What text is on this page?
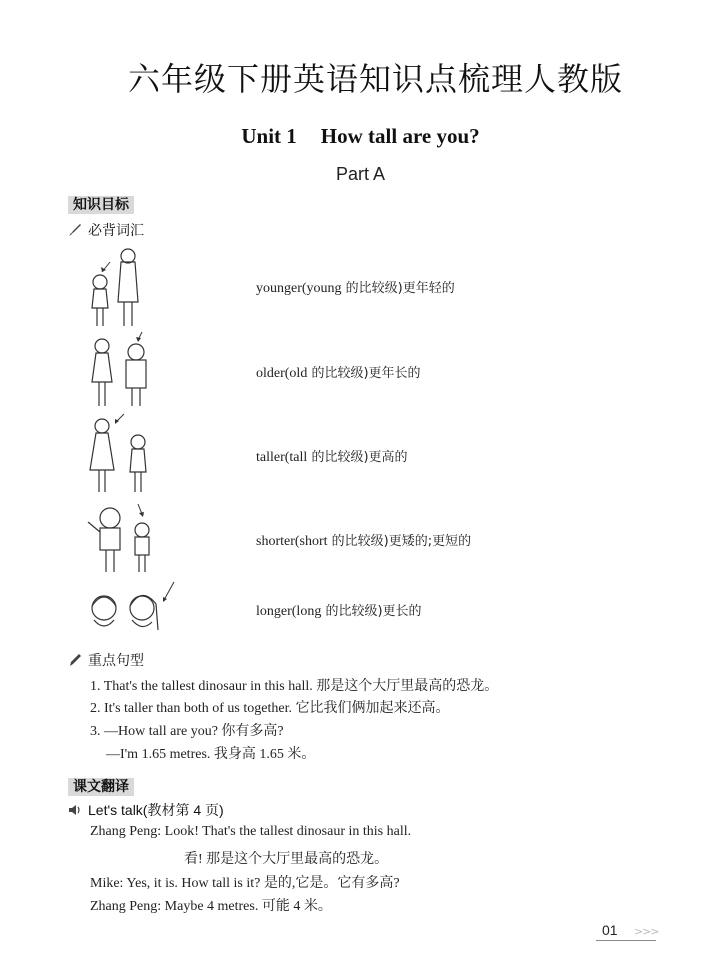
六年级下册英语知识点梳理人教版
Unit 1 How tall are you?
Part A
知识目标
必背词汇
younger(young 的比较级)更年轻的
older(old 的比较级)更年长的
taller(tall 的比较级)更高的
shorter(short 的比较级)更矮的;更短的
longer(long 的比较级)更长的
重点句型
1. That's the tallest dinosaur in this hall. 那是这个大厅里最高的恐龙。
2. It's taller than both of us together. 它比我们俩加起来还高。
3. —How tall are you? 你有多高?
—I'm 1.65 metres. 我身高 1.65 米。
课文翻译
Let's talk(教材第 4 页)
Zhang Peng: Look! That's the tallest dinosaur in this hall.
看! 那是这个大厅里最高的恐龙。
Mike: Yes, it is. How tall is it? 是的,它是。它有多高?
Zhang Peng: Maybe 4 metres. 可能 4 米。
01 >>>
